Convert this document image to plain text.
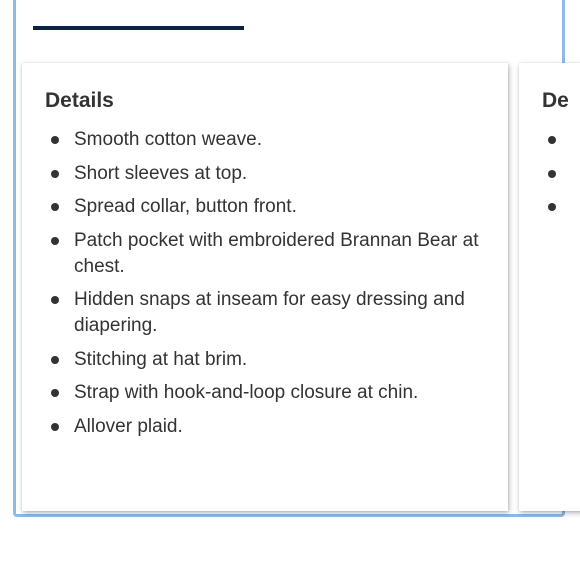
Details
Smooth cotton weave.
Short sleeves at top.
Spread collar, button front.
Patch pocket with embroidered Brannan Bear at chest.
Hidden snaps at inseam for easy dressing and diapering.
Stitching at hat brim.
Strap with hook-and-loop closure at chin.
Allover plaid.
De
